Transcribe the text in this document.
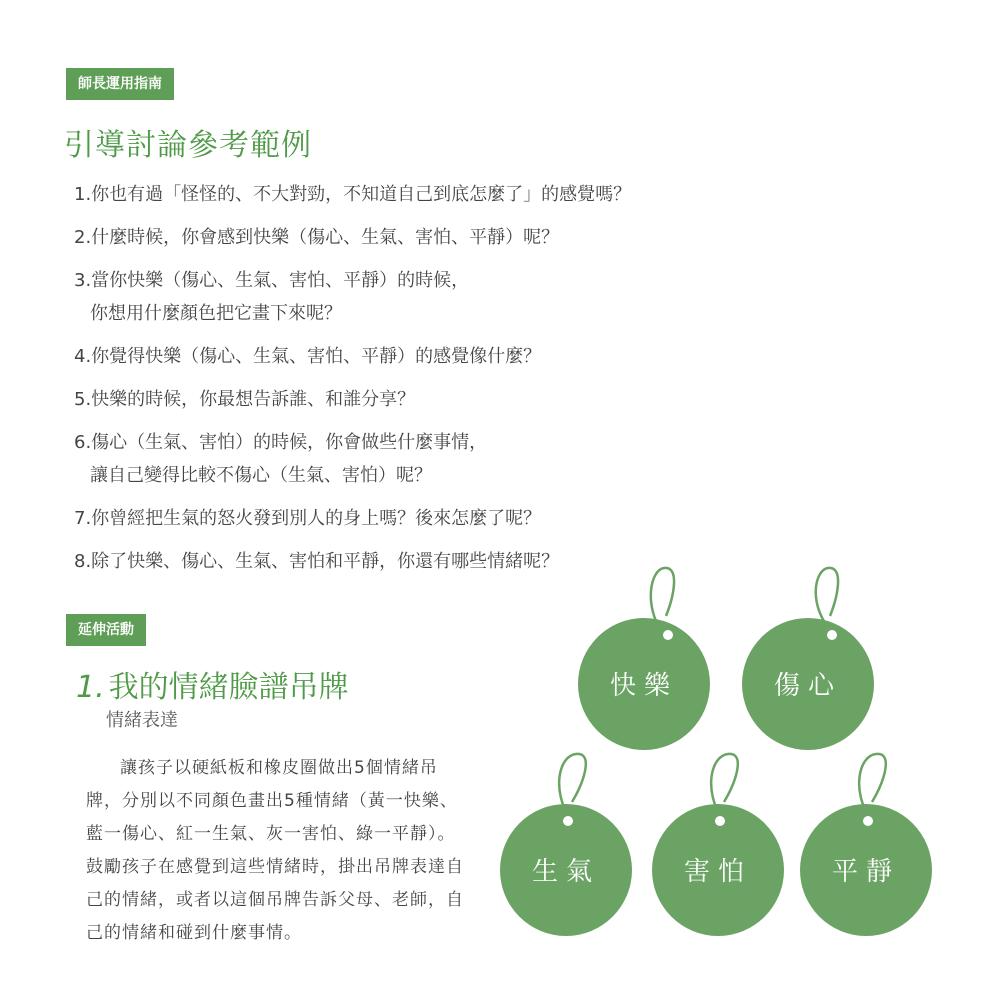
師長運用指南
引導討論參考範例
1.你也有過「怪怪的、不大對勁，不知道自己到底怎麼了」的感覺嗎？
2.什麼時候，你會感到快樂（傷心、生氣、害怕、平靜）呢？
3.當你快樂（傷心、生氣、害怕、平靜）的時候，
你想用什麼顏色把它畫下來呢？
4.你覺得快樂（傷心、生氣、害怕、平靜）的感覺像什麼？
5.快樂的時候，你最想告訴誰、和誰分享？
6.傷心（生氣、害怕）的時候，你會做些什麼事情，
讓自己變得比較不傷心（生氣、害怕）呢？
7.你曾經把生氣的怒火發到別人的身上嗎？後來怎麼了呢？
8.除了快樂、傷心、生氣、害怕和平靜，你還有哪些情緒呢？
延伸活動
1. 我的情緒臉譜吊牌
情緒表達

讓孩子以硬紙板和橡皮圈做出5個情緒吊牌，分別以不同顏色畫出5種情緒（黃一快樂、藍一傷心、紅一生氣、灰一害怕、綠一平靜）。鼓勵孩子在感覺到這些情緒時，掛出吊牌表達自己的情緒，或者以這個吊牌告訴父母、老師，自己的情緒和碰到什麼事情。

快樂	傷心
生氣	害怕	平靜
